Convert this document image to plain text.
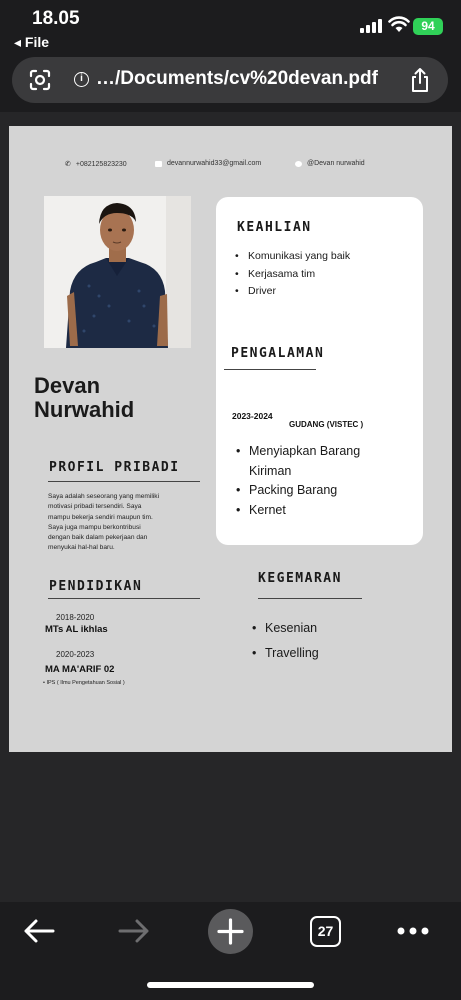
18.05
◂ File
94
i …/Documents/cv%20devan.pdf
✆ +082125823230	devannurwahid33@gmail.com	@Devan nurwahid
Devan
Nurwahid
PROFIL PRIBADI
Saya adalah seseorang yang memiliki
motivasi pribadi tersendiri. Saya
mampu bekerja sendiri maupun tim.
Saya juga mampu berkontribusi
dengan baik dalam pekerjaan dan
menyukai hal-hal baru.
PENDIDIKAN
2018-2020
MTs AL ikhlas
2020-2023
MA MA'ARIF 02
• IPS ( Ilmu Pengetahuan Sosial )
KEAHLIAN
• Komunikasi yang baik
• Kerjasama tim
• Driver
PENGALAMAN
2023-2024
GUDANG (VISTEC )
• Menyiapkan Barang Kiriman
• Packing Barang
• Kernet
KEGEMARAN
• Kesenian
• Travelling
27
